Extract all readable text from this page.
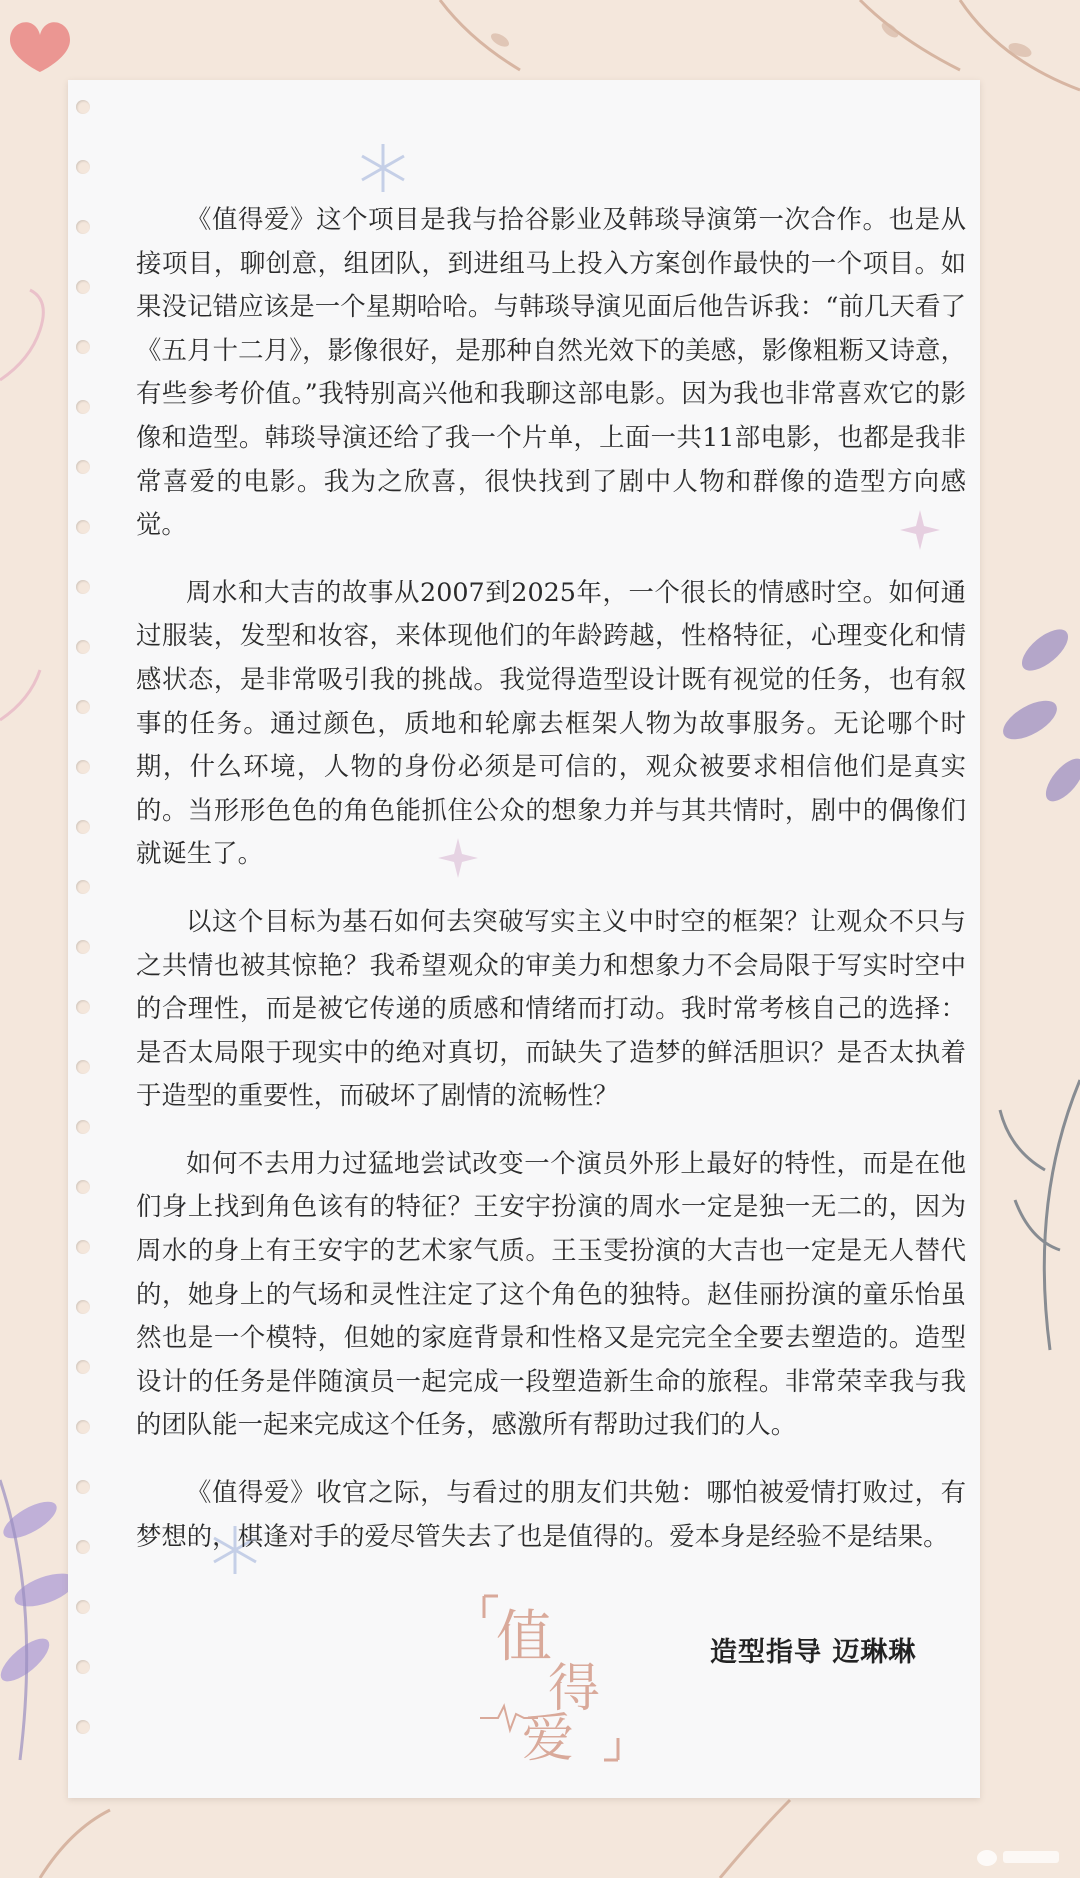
《值得爱》这个项目是我与拾谷影业及韩琰导演第一次合作。也是从接项目，聊创意，组团队，到进组马上投入方案创作最快的一个项目。如果没记错应该是一个星期哈哈。与韩琰导演见面后他告诉我：“前几天看了《五月十二月》，影像很好，是那种自然光效下的美感，影像粗粝又诗意，有些参考价值。”我特别高兴他和我聊这部电影。因为我也非常喜欢它的影像和造型。韩琰导演还给了我一个片单，上面一共11部电影，也都是我非常喜爱的电影。我为之欣喜，很快找到了剧中人物和群像的造型方向感觉。

周水和大吉的故事从2007到2025年，一个很长的情感时空。如何通过服装，发型和妆容，来体现他们的年龄跨越，性格特征，心理变化和情感状态，是非常吸引我的挑战。我觉得造型设计既有视觉的任务，也有叙事的任务。通过颜色，质地和轮廓去框架人物为故事服务。无论哪个时期，什么环境，人物的身份必须是可信的，观众被要求相信他们是真实的。当形形色色的角色能抓住公众的想象力并与其共情时，剧中的偶像们就诞生了。

以这个目标为基石如何去突破写实主义中时空的框架？让观众不只与之共情也被其惊艳？我希望观众的审美力和想象力不会局限于写实时空中的合理性，而是被它传递的质感和情绪而打动。我时常考核自己的选择：是否太局限于现实中的绝对真切，而缺失了造梦的鲜活胆识？是否太执着于造型的重要性，而破坏了剧情的流畅性？

如何不去用力过猛地尝试改变一个演员外形上最好的特性，而是在他们身上找到角色该有的特征？王安宇扮演的周水一定是独一无二的，因为周水的身上有王安宇的艺术家气质。王玉雯扮演的大吉也一定是无人替代的，她身上的气场和灵性注定了这个角色的独特。赵佳丽扮演的童乐怡虽然也是一个模特，但她的家庭背景和性格又是完完全全要去塑造的。造型设计的任务是伴随演员一起完成一段塑造新生命的旅程。非常荣幸我与我的团队能一起来完成这个任务，感激所有帮助过我们的人。

《值得爱》收官之际，与看过的朋友们共勉：哪怕被爱情打败过，有梦想的，棋逢对手的爱尽管失去了也是值得的。爱本身是经验不是结果。

值
得
爱
造型指导 迈琳琳
